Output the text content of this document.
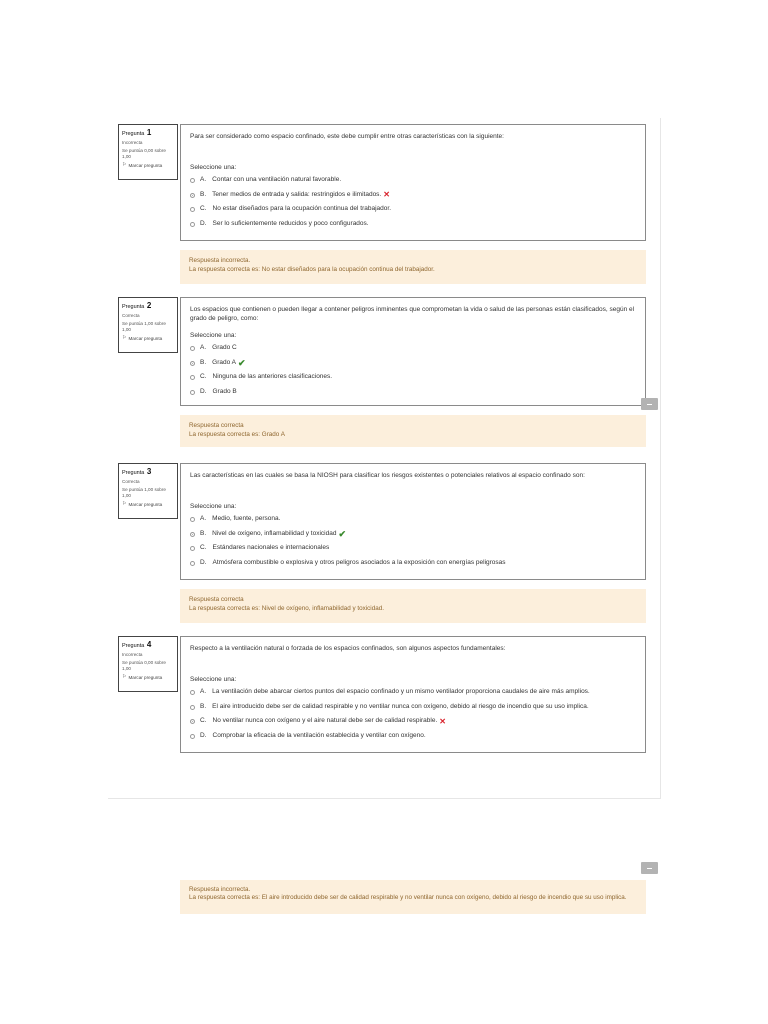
Pregunta 1
Incorrecta
Se puntúa 0,00 sobre 1,00
⚐ Marcar pregunta
Para ser considerado como espacio confinado, este debe cumplir entre otras características con la siguiente:
Seleccione una:
A. Contar con una ventilación natural favorable.
B. Tener medios de entrada y salida: restringidos e ilimitados. ✕
C. No estar diseñados para la ocupación continua del trabajador.
D. Ser lo suficientemente reducidos y poco configurados.
Respuesta incorrecta.
La respuesta correcta es: No estar diseñados para la ocupación continua del trabajador.
Pregunta 2
Correcta
Se puntúa 1,00 sobre 1,00
⚐ Marcar pregunta
Los espacios que contienen o pueden llegar a contener peligros inminentes que comprometan la vida o salud de las personas están clasificados, según el grado de peligro, como:
Seleccione una:
A. Grado C
B. Grado A ✔
C. Ninguna de las anteriores clasificaciones.
D. Grado B
Respuesta correcta
La respuesta correcta es: Grado A
Pregunta 3
Correcta
Se puntúa 1,00 sobre 1,00
⚐ Marcar pregunta
Las características en las cuales se basa la NIOSH para clasificar los riesgos existentes o potenciales relativos al espacio confinado son:
Seleccione una:
A. Medio, fuente, persona.
B. Nivel de oxígeno, inflamabilidad y toxicidad ✔
C. Estándares nacionales e internacionales
D. Atmósfera combustible o explosiva y otros peligros asociados a la exposición con energías peligrosas
Respuesta correcta
La respuesta correcta es: Nivel de oxígeno, inflamabilidad y toxicidad.
Pregunta 4
Incorrecta
Se puntúa 0,00 sobre 1,00
⚐ Marcar pregunta
Respecto a la ventilación natural o forzada de los espacios confinados, son algunos aspectos fundamentales:
Seleccione una:
A. La ventilación debe abarcar ciertos puntos del espacio confinado y un mismo ventilador proporciona caudales de aire más amplios.
B. El aire introducido debe ser de calidad respirable y no ventilar nunca con oxígeno, debido al riesgo de incendio que su uso implica.
C. No ventilar nunca con oxígeno y el aire natural debe ser de calidad respirable. ✕
D. Comprobar la eficacia de la ventilación establecida y ventilar con oxígeno.
Respuesta incorrecta.
La respuesta correcta es: El aire introducido debe ser de calidad respirable y no ventilar nunca con oxígeno, debido al riesgo de incendio que su uso implica.
